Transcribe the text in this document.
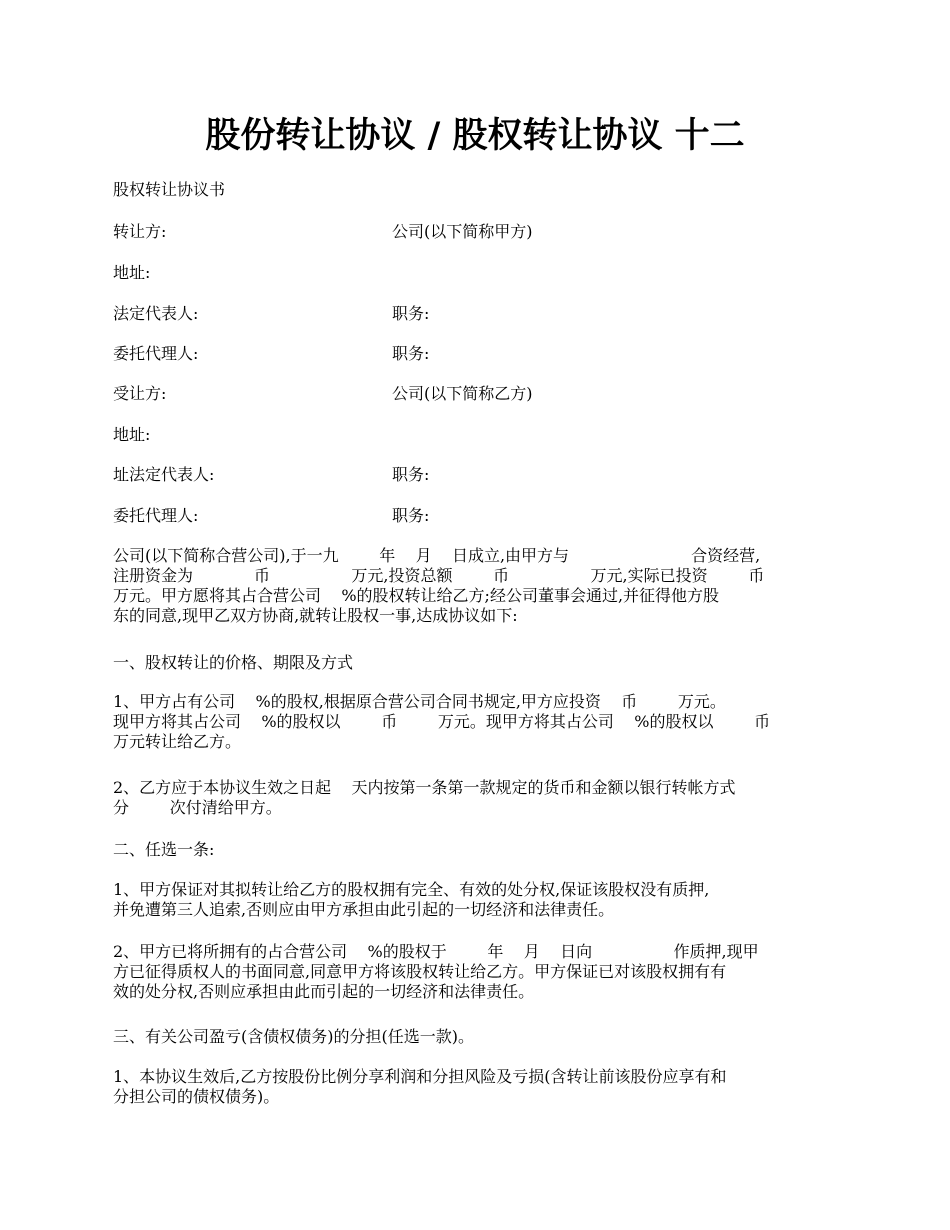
股份转让协议 / 股权转让协议 十二
股权转让协议书
转让方:	公司(以下简称甲方)
地址:
法定代表人:	职务:
委托代理人:	职务:
受让方:	公司(以下简称乙方)
地址:
址法定代表人:	职务:
委托代理人:	职务:
公司(以下简称合营公司),于一九        年    月    日成立,由甲方与                        合资经营,
注册资金为            币                万元,投资总额        币                万元,实际已投资        币
万元。甲方愿将其占合营公司    %的股权转让给乙方;经公司董事会通过,并征得他方股
东的同意,现甲乙双方协商,就转让股权一事,达成协议如下:
一、股权转让的价格、期限及方式
1、甲方占有公司    %的股权,根据原合营公司合同书规定,甲方应投资    币        万元。
现甲方将其占公司    %的股权以        币        万元。现甲方将其占公司    %的股权以        币
万元转让给乙方。
2、乙方应于本协议生效之日起    天内按第一条第一款规定的货币和金额以银行转帐方式
分        次付清给甲方。
二、任选一条:
1、甲方保证对其拟转让给乙方的股权拥有完全、有效的处分权,保证该股权没有质押,
并免遭第三人追索,否则应由甲方承担由此引起的一切经济和法律责任。
2、甲方已将所拥有的占合营公司    %的股权于        年    月    日向                作质押,现甲
方已征得质权人的书面同意,同意甲方将该股权转让给乙方。甲方保证已对该股权拥有有
效的处分权,否则应承担由此而引起的一切经济和法律责任。
三、有关公司盈亏(含债权债务)的分担(任选一款)。
1、本协议生效后,乙方按股份比例分享利润和分担风险及亏损(含转让前该股份应享有和
分担公司的债权债务)。
